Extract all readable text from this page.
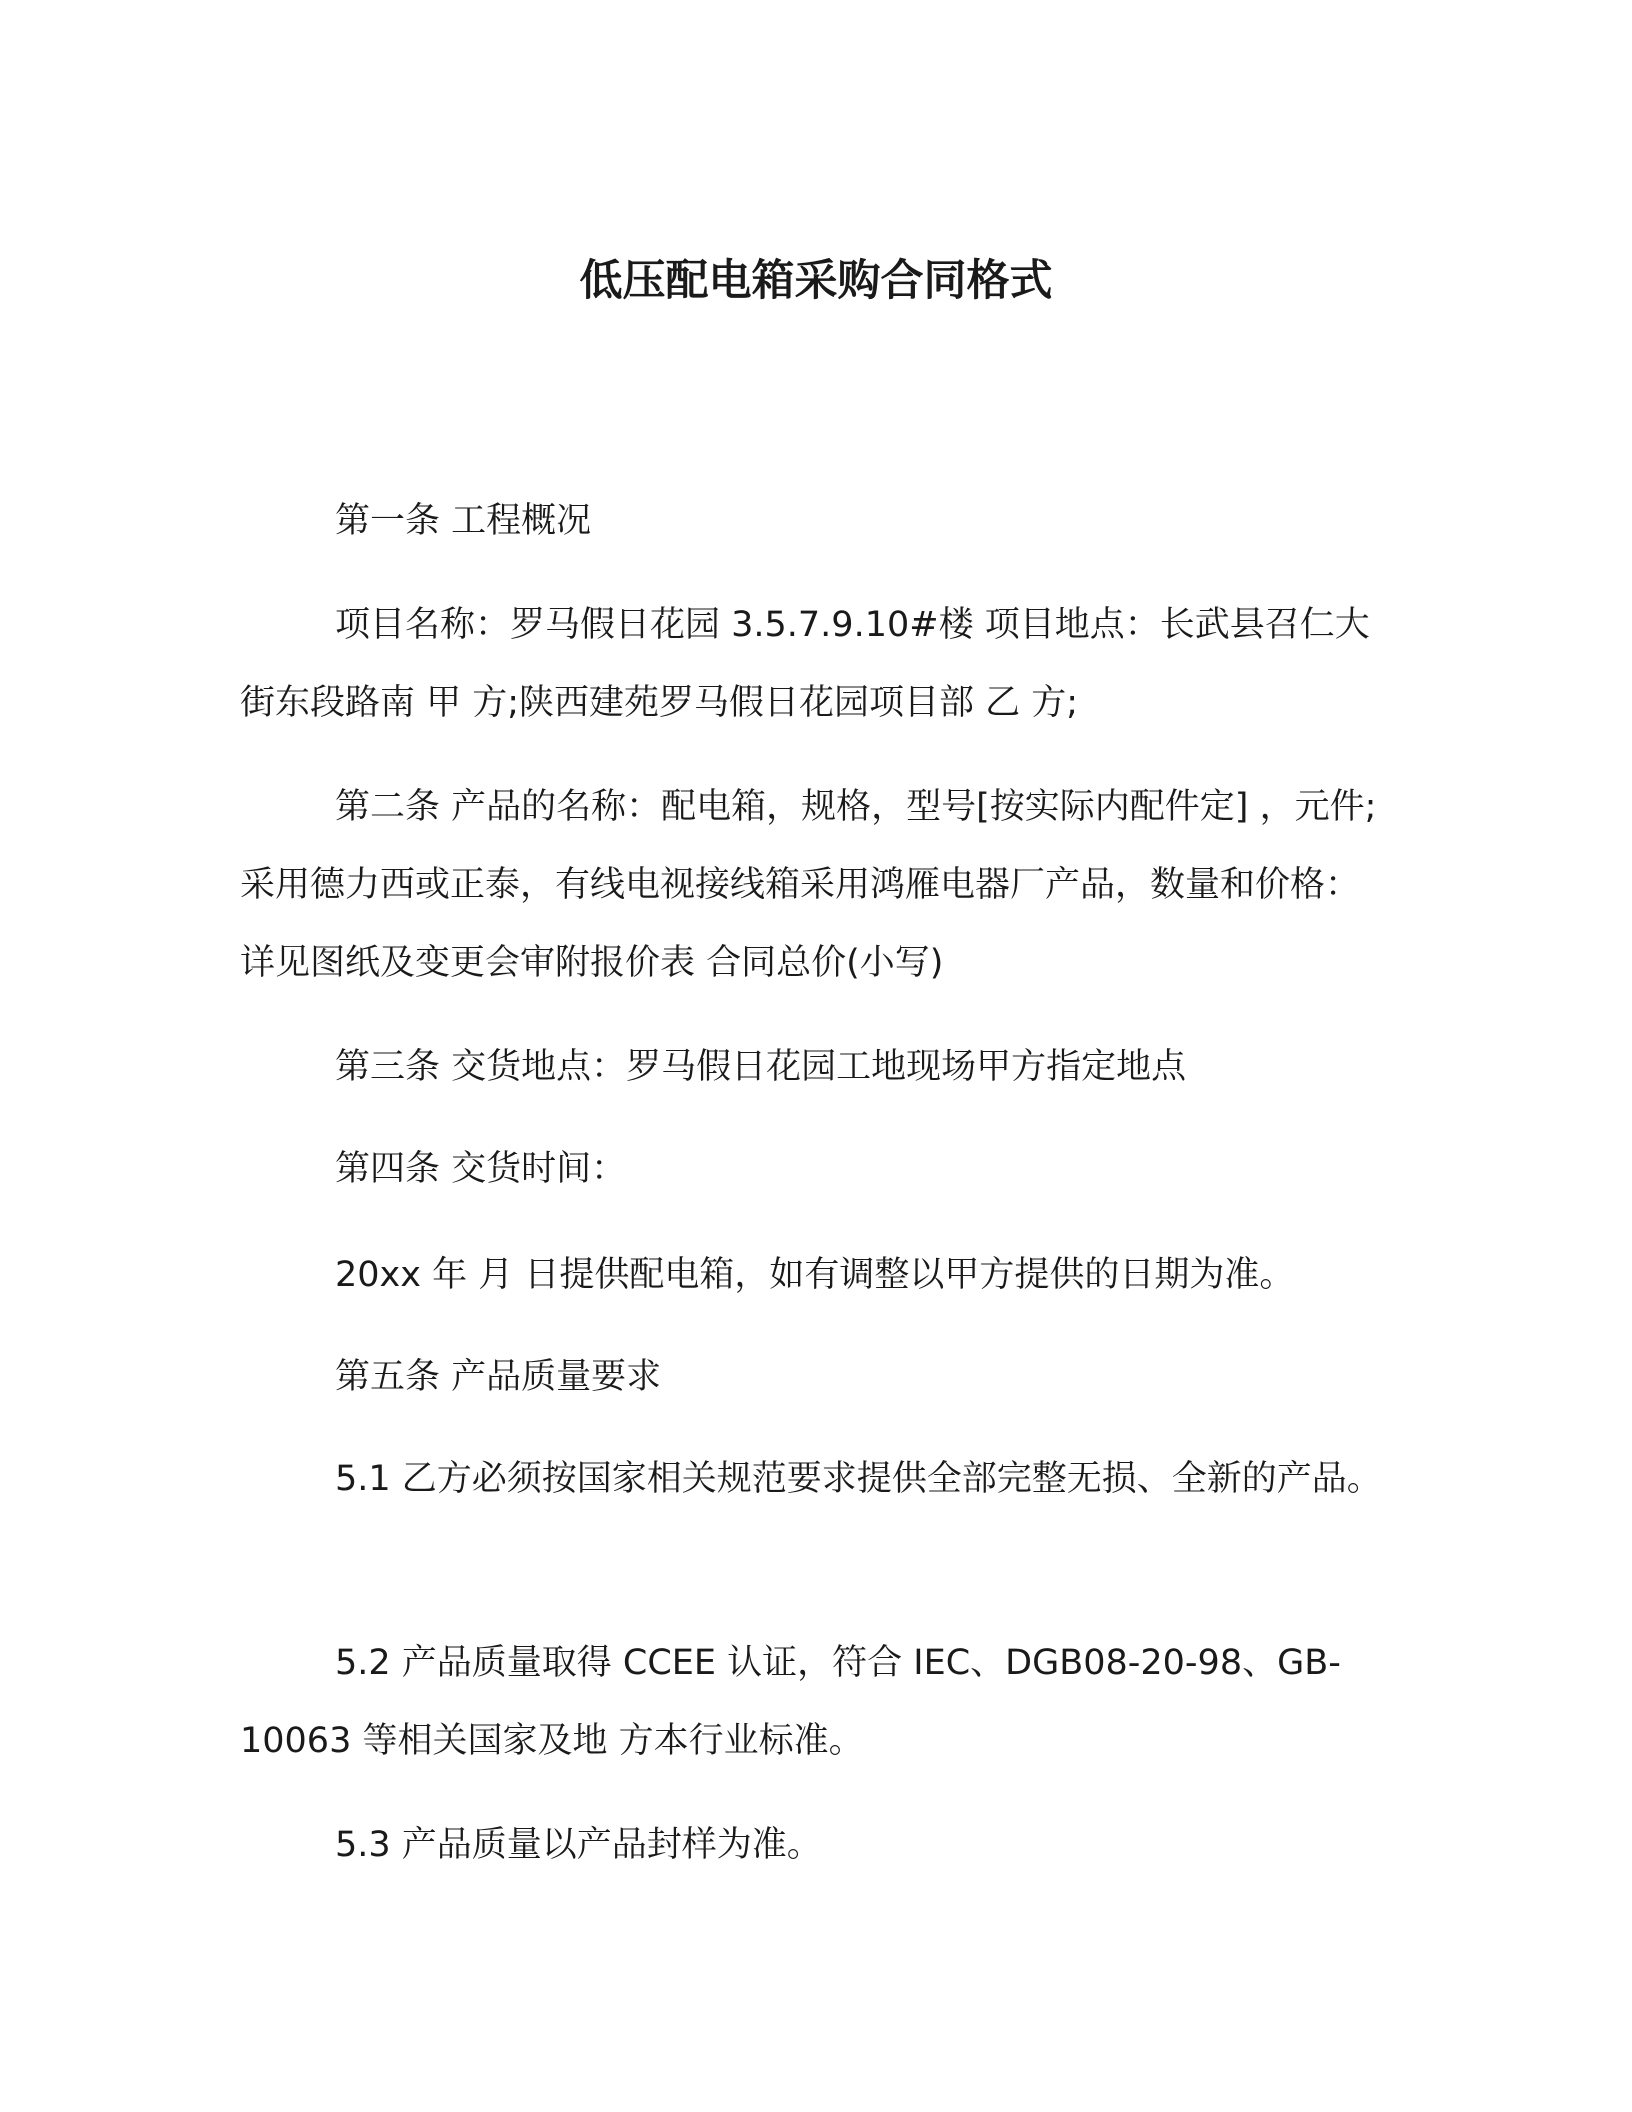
低压配电箱采购合同格式

第一条 工程概况

项目名称：罗马假日花园 3.5.7.9.10#楼 项目地点：长武县召仁大街东段路南 甲 方;陕西建苑罗马假日花园项目部 乙 方;

第二条 产品的名称：配电箱，规格，型号[按实际内配件定] ，元件;采用德力西或正泰，有线电视接线箱采用鸿雁电器厂产品，数量和价格：详见图纸及变更会审附报价表 合同总价(小写)

第三条 交货地点：罗马假日花园工地现场甲方指定地点

第四条 交货时间：

20xx 年 月 日提供配电箱，如有调整以甲方提供的日期为准。

第五条 产品质量要求

5.1 乙方必须按国家相关规范要求提供全部完整无损、全新的产品。

5.2 产品质量取得 CCEE 认证，符合 IEC、DGB08-20-98、GB-10063 等相关国家及地 方本行业标准。

5.3 产品质量以产品封样为准。
